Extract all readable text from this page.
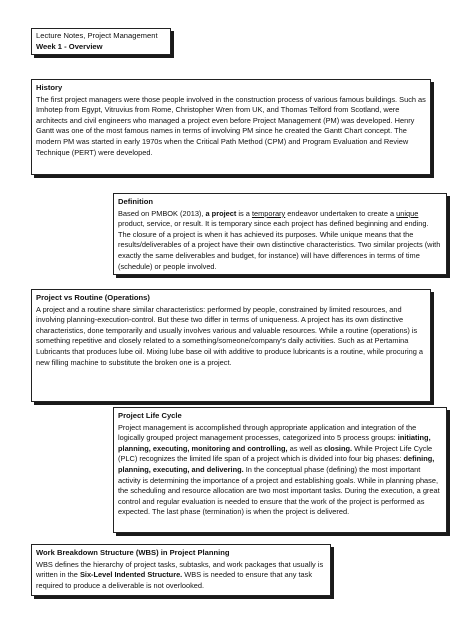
Lecture Notes, Project Management
Week 1 - Overview
History

The first project managers were those people involved in the construction process of various famous buildings. Such as Imhotep from Egypt, Vitruvius from Rome, Christopher Wren from UK, and Thomas Telford from Scotland, were architects and civil engineers who managed a project even before Project Management (PM) was developed. Henry Gantt was one of the most famous names in terms of involving PM since he created the Gantt Chart concept. The modern PM was started in early 1970s when the Critical Path Method (CPM) and Program Evaluation and Review Technique (PERT) were developed.

Definition

Based on PMBOK (2013), a project is a temporary endeavor undertaken to create a unique product, service, or result. It is temporary since each project has defined beginning and ending. The closure of a project is when it has achieved its purposes. While unique means that the results/deliverables of a project have their own distinctive characteristics. Two similar projects (with exactly the same deliverables and budget, for instance) will have differences in terms of time (schedule) or people involved.

Project vs Routine (Operations)

A project and a routine share similar characteristics: performed by people, constrained by limited resources, and involving planning-execution-control. But these two differ in terms of uniqueness. A project has its own distinctive characteristics, done temporarily and usually involves various and valuable resources. While a routine (operations) is something repetitive and closely related to a something/someone/company's daily activities. Such as at Pertamina Lubricants that produces lube oil. Mixing lube base oil with additive to produce lubricants is a routine, while procuring a new filling machine to substitute the broken one is a project.

Project Life Cycle

Project management is accomplished through appropriate application and integration of the logically grouped project management processes, categorized into 5 process groups: initiating, planning, executing, monitoring and controlling, as well as closing. While Project Life Cycle (PLC) recognizes the limited life span of a project which is divided into four big phases: defining, planning, executing, and delivering. In the conceptual phase (defining) the most important activity is determining the importance of a project and establishing goals. While in planning phase, the scheduling and resource allocation are two most important tasks. During the execution, a great control and regular evaluation is needed to ensure that the work of the project is performed as expected. The last phase (termination) is when the project is delivered.

Work Breakdown Structure (WBS) in Project Planning

WBS defines the hierarchy of project tasks, subtasks, and work packages that usually is written in the Six-Level Indented Structure. WBS is needed to ensure that any task required to produce a deliverable is not overlooked.
